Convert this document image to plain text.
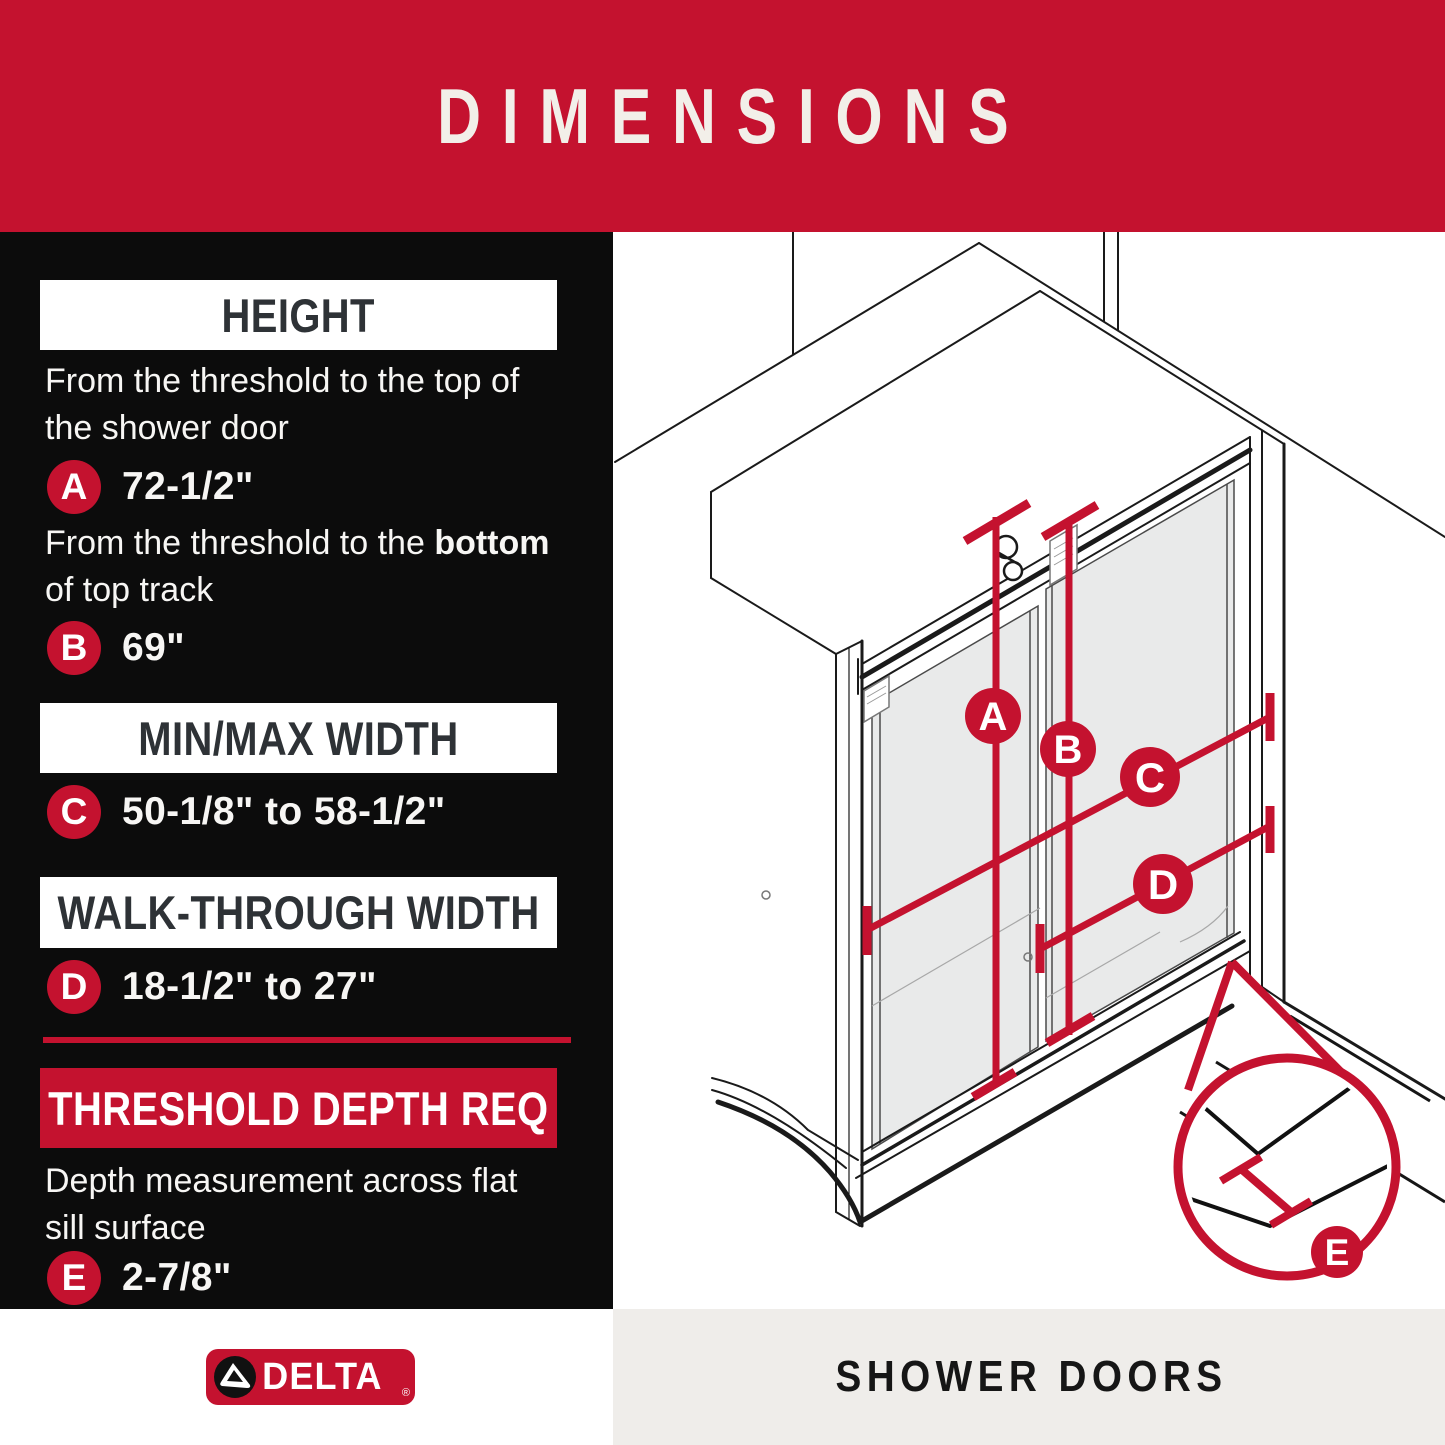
DIMENSIONS
HEIGHT
From the threshold to the top of the shower door
A 72-1/2"
From the threshold to the bottom of top track
B 69"
MIN/MAX WIDTH
C 50-1/8" to 58-1/2"
WALK-THROUGH WIDTH
D 18-1/2" to 27"
THRESHOLD DEPTH REQ
Depth measurement across flat sill surface
E 2-7/8"
E
A
B
C
D
SHOWER DOORS
DELTA ®
